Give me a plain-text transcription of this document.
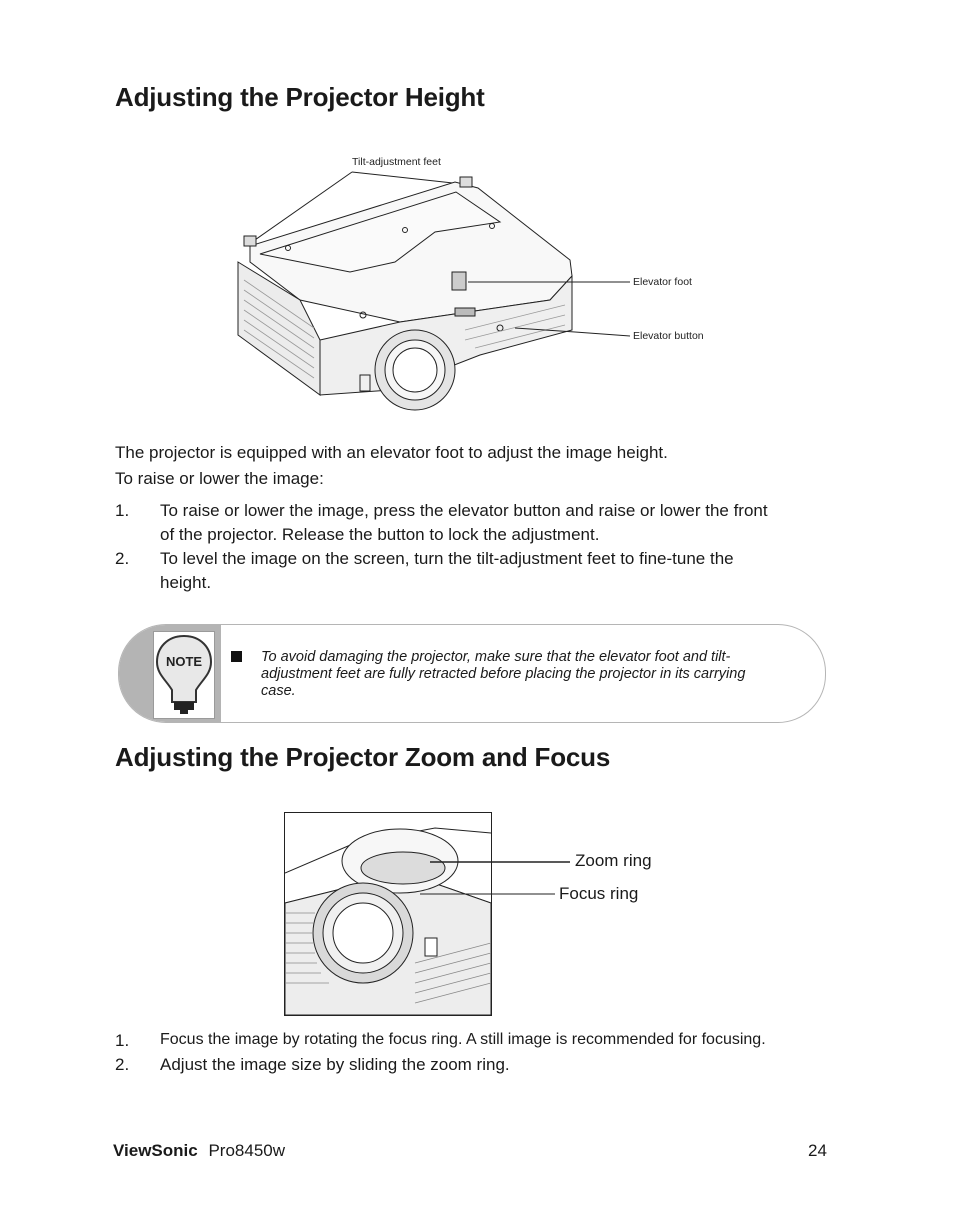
Adjusting the Projector Height
Tilt-adjustment feet
Elevator foot
Elevator button
The projector is equipped with an elevator foot to adjust the image height.
To raise or lower the image:
1.	To raise or lower the image, press the elevator button and raise or lower the front
of the projector. Release the button to lock the adjustment.
2.	To level the image on the screen, turn the tilt-adjustment feet to fine-tune the
height.
NOTE	To avoid damaging the projector, make sure that the elevator foot and tilt-
adjustment feet are fully retracted before placing the projector in its carrying
case.
Adjusting the Projector Zoom and Focus
Zoom ring
Focus ring
1.	Focus the image by rotating the focus ring. A still image is recommended for focusing.
2.	Adjust the image size by sliding the zoom ring.
ViewSonic Pro8450w	24
